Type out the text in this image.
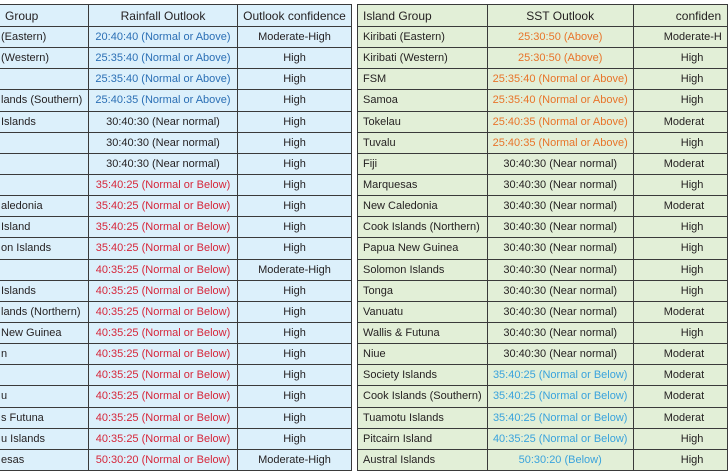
Group	Rainfall Outlook	Outlook confidence
(Eastern)	20:40:40 (Normal or Above)	Moderate-High
(Western)	25:35:40 (Normal or Above)	High
	25:35:40 (Normal or Above)	High
lands (Southern)	25:40:35 (Normal or Above)	High
Islands	30:40:30 (Near normal)	High
	30:40:30 (Near normal)	High
	30:40:30 (Near normal)	High
	35:40:25 (Normal or Below)	High
aledonia	35:40:25 (Normal or Below)	High
Island	35:40:25 (Normal or Below)	High
on Islands	35:40:25 (Normal or Below)	High
	40:35:25 (Normal or Below)	Moderate-High
Islands	40:35:25 (Normal or Below)	High
lands (Northern)	40:35:25 (Normal or Below)	High
New Guinea	40:35:25 (Normal or Below)	High
n	40:35:25 (Normal or Below)	High
	40:35:25 (Normal or Below)	High
u	40:35:25 (Normal or Below)	High
s Futuna	40:35:25 (Normal or Below)	High
u Islands	40:35:25 (Normal or Below)	High
esas	50:30:20 (Normal or Below)	Moderate-High
Island Group	SST Outlook	confiden
Kiribati (Eastern)	25:30:50 (Above)	Moderate-H
Kiribati (Western)	25:30:50 (Above)	High
FSM	25:35:40 (Normal or Above)	High
Samoa	25:35:40 (Normal or Above)	High
Tokelau	25:40:35 (Normal or Above)	Moderat
Tuvalu	25:40:35 (Normal or Above)	High
Fiji	30:40:30 (Near normal)	Moderat
Marquesas	30:40:30 (Near normal)	High
New Caledonia	30:40:30 (Near normal)	Moderat
Cook Islands (Northern)	30:40:30 (Near normal)	High
Papua New Guinea	30:40:30 (Near normal)	High
Solomon Islands	30:40:30 (Near normal)	High
Tonga	30:40:30 (Near normal)	High
Vanuatu	30:40:30 (Near normal)	Moderat
Wallis & Futuna	30:40:30 (Near normal)	High
Niue	30:40:30 (Near normal)	Moderat
Society Islands	35:40:25 (Normal or Below)	Moderat
Cook Islands (Southern)	35:40:25 (Normal or Below)	Moderat
Tuamotu Islands	35:40:25 (Normal or Below)	Moderat
Pitcairn Island	40:35:25 (Normal or Below)	High
Austral Islands	50:30:20 (Below)	High
